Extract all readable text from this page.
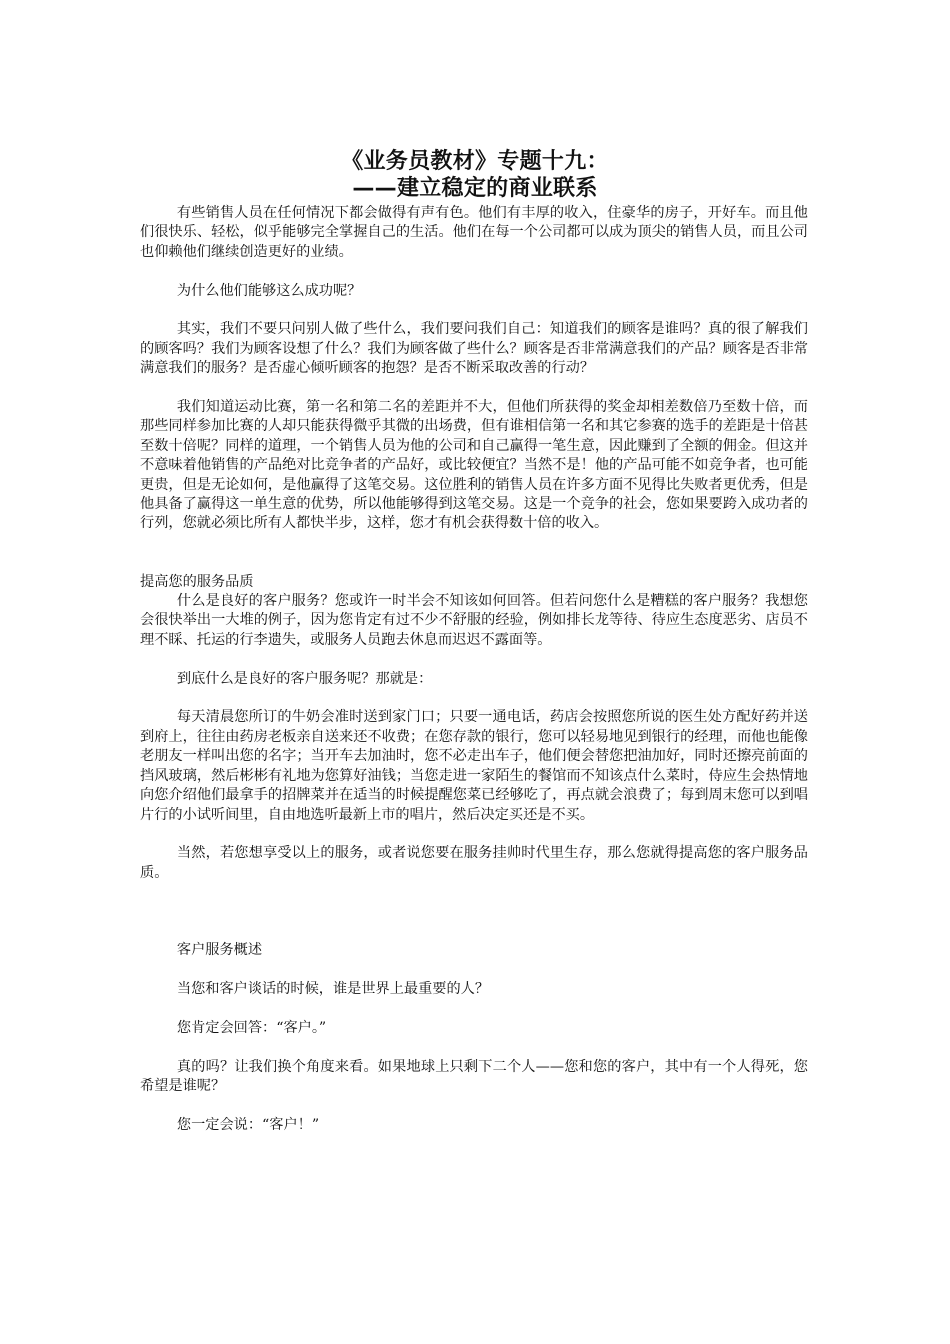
《业务员教材》专题十九：
——建立稳定的商业联系

有些销售人员在任何情况下都会做得有声有色。他们有丰厚的收入，住豪华的房子，开好车。而且他们很快乐、轻松，似乎能够完全掌握自己的生活。他们在每一个公司都可以成为顶尖的销售人员，而且公司也仰赖他们继续创造更好的业绩。

为什么他们能够这么成功呢？

其实，我们不要只问别人做了些什么，我们要问我们自己：知道我们的顾客是谁吗？真的很了解我们的顾客吗？我们为顾客设想了什么？我们为顾客做了些什么？顾客是否非常满意我们的产品？顾客是否非常满意我们的服务？是否虚心倾听顾客的抱怨？是否不断采取改善的行动？

我们知道运动比赛，第一名和第二名的差距并不大，但他们所获得的奖金却相差数倍乃至数十倍，而那些同样参加比赛的人却只能获得微乎其微的出场费，但有谁相信第一名和其它参赛的选手的差距是十倍甚至数十倍呢？同样的道理，一个销售人员为他的公司和自己赢得一笔生意，因此赚到了全额的佣金。但这并不意味着他销售的产品绝对比竞争者的产品好，或比较便宜？当然不是！他的产品可能不如竞争者，也可能更贵，但是无论如何，是他赢得了这笔交易。这位胜利的销售人员在许多方面不见得比失败者更优秀，但是他具备了赢得这一单生意的优势，所以他能够得到这笔交易。这是一个竞争的社会，您如果要跨入成功者的行列，您就必须比所有人都快半步，这样，您才有机会获得数十倍的收入。

提高您的服务品质

什么是良好的客户服务？您或许一时半会不知该如何回答。但若问您什么是糟糕的客户服务？我想您会很快举出一大堆的例子，因为您肯定有过不少不舒服的经验，例如排长龙等待、待应生态度恶劣、店员不理不睬、托运的行李遗失，或服务人员跑去休息而迟迟不露面等。

到底什么是良好的客户服务呢？那就是：

每天清晨您所订的牛奶会准时送到家门口；只要一通电话，药店会按照您所说的医生处方配好药并送到府上，往往由药房老板亲自送来还不收费；在您存款的银行，您可以轻易地见到银行的经理，而他也能像老朋友一样叫出您的名字；当开车去加油时，您不必走出车子，他们便会替您把油加好，同时还擦亮前面的挡风玻璃，然后彬彬有礼地为您算好油钱；当您走进一家陌生的餐馆而不知该点什么菜时，侍应生会热情地向您介绍他们最拿手的招牌菜并在适当的时候提醒您菜已经够吃了，再点就会浪费了；每到周末您可以到唱片行的小试听间里，自由地选听最新上市的唱片，然后决定买还是不买。

当然，若您想享受以上的服务，或者说您要在服务挂帅时代里生存，那么您就得提高您的客户服务品质。

客户服务概述

当您和客户谈话的时候，谁是世界上最重要的人？

您肯定会回答：“客户。”

真的吗？让我们换个角度来看。如果地球上只剩下二个人——您和您的客户，其中有一个人得死，您希望是谁呢？

您一定会说：“客户！”
